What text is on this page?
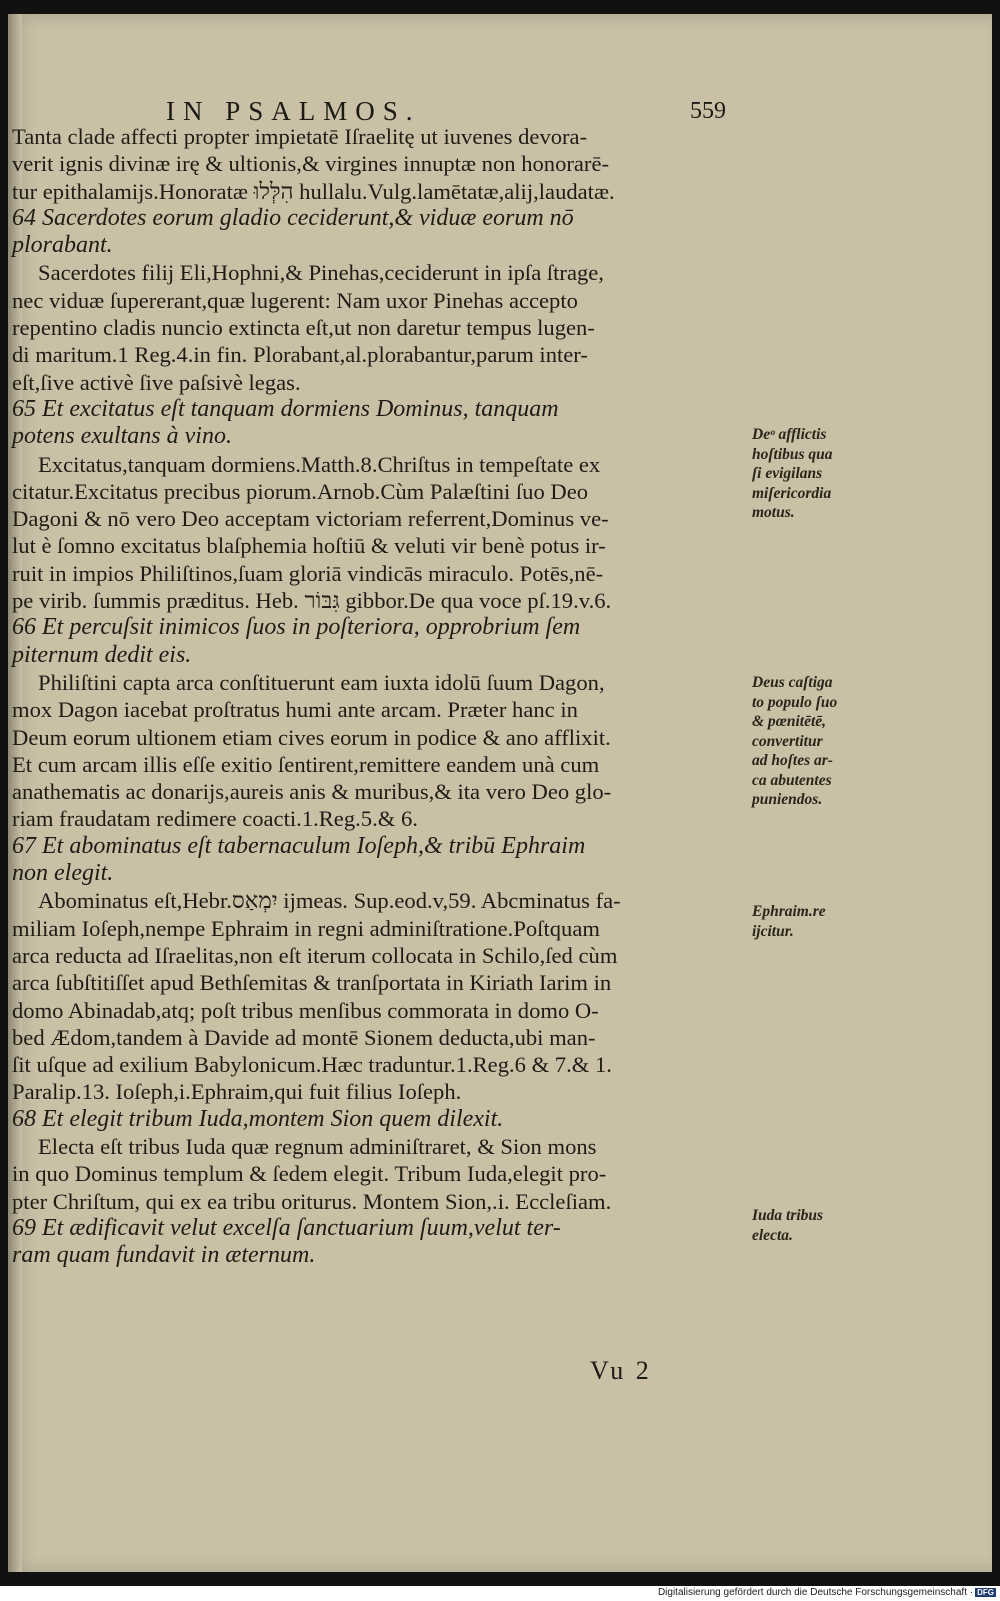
IN PSALMOS.	559
Tanta clade affecti propter impietatē Iſraelitę ut iuvenes devora-
verit ignis divinæ irę & ultionis,& virgines innuptæ non honorarē-
tur epithalamijs.Honoratæ הִלְּלוּ hullalu.Vulg.lamētatæ,alij,laudatæ.
64 Sacerdotes eorum gladio ceciderunt,& viduæ eorum nō
plorabant.
Sacerdotes filij Eli,Hophni,& Pinehas,ceciderunt in ipſa ſtrage,
nec viduæ ſupererant,quæ lugerent: Nam uxor Pinehas accepto
repentino cladis nuncio extincta eſt,ut non daretur tempus lugen-
di maritum.1 Reg.4.in fin. Plorabant,al.plorabantur,parum inter-
eſt,ſive activè ſive paſsivè legas.
65 Et excitatus eſt tanquam dormiens Dominus, tanquam
potens exultans à vino.
Excitatus,tanquam dormiens.Matth.8.Chriſtus in tempeſtate ex
citatur.Excitatus precibus piorum.Arnob.Cùm Palæſtini ſuo Deo
Dagoni & nō vero Deo acceptam victoriam referrent,Dominus ve-
lut è ſomno excitatus blaſphemia hoſtiū & veluti vir benè potus ir-
ruit in impios Philiſtinos,ſuam gloriā vindicās miraculo. Potēs,nē-
pe virib. ſummis præditus. Heb. גִּבּוֹר gibbor.De qua voce pſ.19.v.6.
66 Et percuſsit inimicos ſuos in poſteriora, opprobrium ſem
piternum dedit eis.
Philiſtini capta arca conſtituerunt eam iuxta idolū ſuum Dagon,
mox Dagon iacebat proſtratus humi ante arcam. Præter hanc in
Deum eorum ultionem etiam cives eorum in podice & ano afflixit.
Et cum arcam illis eſſe exitio ſentirent,remittere eandem unà cum
anathematis ac donarijs,aureis anis & muribus,& ita vero Deo glo-
riam fraudatam redimere coacti.1.Reg.5.& 6.
67 Et abominatus eſt tabernaculum Ioſeph,& tribū Ephraim
non elegit.
Abominatus eſt,Hebr.יִמְאַס ijmeas. Sup.eod.v,59. Abcminatus fa-
miliam Ioſeph,nempe Ephraim in regni adminiſtratione.Poſtquam
arca reducta ad Iſraelitas,non eſt iterum collocata in Schilo,ſed cùm
arca ſubſtitiſſet apud Bethſemitas & tranſportata in Kiriath Iarim in
domo Abinadab,atq; poſt tribus menſibus commorata in domo O-
bed Ædom,tandem à Davide ad montē Sionem deducta,ubi man-
ſit uſque ad exilium Babylonicum.Hæc traduntur.1.Reg.6 & 7.& 1.
Paralip.13. Ioſeph,i.Ephraim,qui fuit filius Ioſeph.
68 Et elegit tribum Iuda,montem Sion quem dilexit.
Electa eſt tribus Iuda quæ regnum adminiſtraret, & Sion mons
in quo Dominus templum & ſedem elegit. Tribum Iuda,elegit pro-
pter Chriſtum, qui ex ea tribu oriturus. Montem Sion,.i. Eccleſiam.
69 Et ædificavit velut excelſa ſanctuarium ſuum,velut ter-
ram quam fundavit in æternum.
Deᵒ afflictis
hoſtibus qua
ſi evigilans
miſericordia
motus.
Deus caſtiga
to populo ſuo
& pœnitētē,
convertitur
ad hoſtes ar-
ca abutentes
puniendos.
Ephraim.re
ijcitur.
Iuda tribus
electa.
Vu 2
Digitalisierung gefördert durch die Deutsche Forschungsgemeinschaft · DFG
